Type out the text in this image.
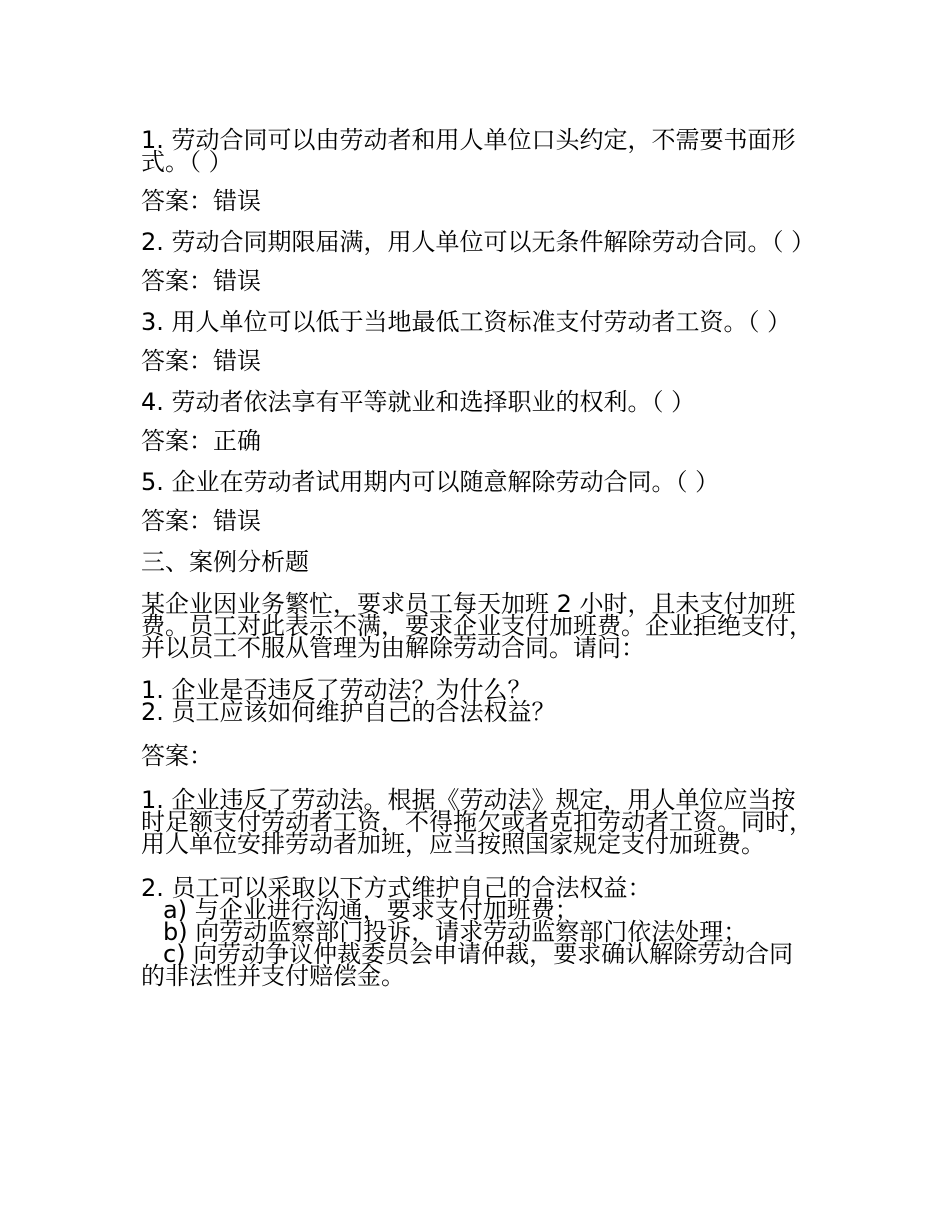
1. 劳动合同可以由劳动者和用人单位口头约定，不需要书面形式。（ ）

答案：错误

2. 劳动合同期限届满，用人单位可以无条件解除劳动合同。（ ）

答案：错误

3. 用人单位可以低于当地最低工资标准支付劳动者工资。（ ）

答案：错误

4. 劳动者依法享有平等就业和选择职业的权利。（ ）

答案：正确

5. 企业在劳动者试用期内可以随意解除劳动合同。（ ）

答案：错误

三、案例分析题

某企业因业务繁忙，要求员工每天加班 2 小时，且未支付加班费。员工对此表示不满，要求企业支付加班费。企业拒绝支付，并以员工不服从管理为由解除劳动合同。请问：

1. 企业是否违反了劳动法？为什么？
2. 员工应该如何维护自己的合法权益？

答案：

1. 企业违反了劳动法。根据《劳动法》规定，用人单位应当按时足额支付劳动者工资，不得拖欠或者克扣劳动者工资。同时，用人单位安排劳动者加班，应当按照国家规定支付加班费。

2. 员工可以采取以下方式维护自己的合法权益：
a) 与企业进行沟通，要求支付加班费；
b) 向劳动监察部门投诉，请求劳动监察部门依法处理；
c) 向劳动争议仲裁委员会申请仲裁，要求确认解除劳动合同的非法性并支付赔偿金。
